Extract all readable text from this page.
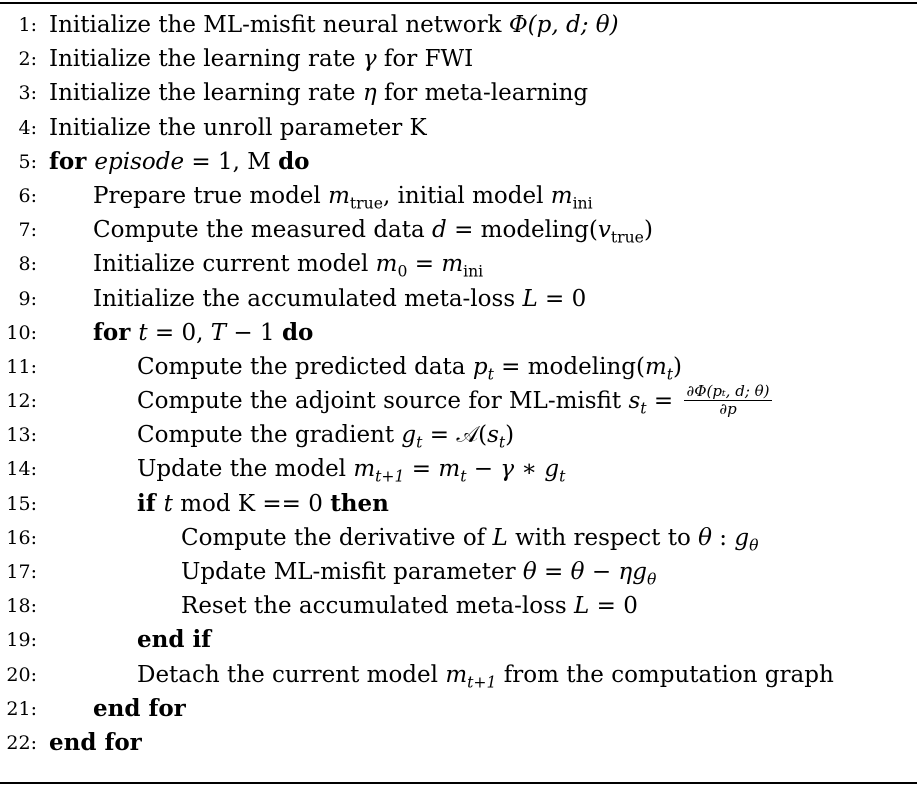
1: Initialize the ML-misfit neural network Φ(p, d; θ)
2: Initialize the learning rate γ for FWI
3: Initialize the learning rate η for meta-learning
4: Initialize the unroll parameter K
5: for episode = 1, M do
6: Prepare true model $m_{true}$, initial model $m_{ini}$
7: Compute the measured data $d = modeling(v_{true})$
8: Initialize current model $m_0 = m_{ini}$
9: Initialize the accumulated meta-loss L = 0
10: for t = 0, T − 1 do
11:	Compute the predicted data $p_t$ = $modeling(m_t)$
12:	Compute the adjoint source for ML-misfit $s_t = \frac{\text{∂Φ(pₜ, d; θ)}}{\partial p}$
13:	Compute the gradient $g_t$ = $𝒜(s_t)$
14:	Update the model $m_{t+1} = m_t - \gamma$ ∗ $g_t$
15:	if t mod K == 0 then
16:	Compute the derivative of L with respect to θ : $g_\theta$
17:	Update ML-misfit parameter $\theta = \theta - \eta g_\theta$
18:	Reset the accumulated meta-loss L = 0
19:	end if
20:	Detach the current model $m_{t+1}$ from the computation graph
21: end for
22: end for
